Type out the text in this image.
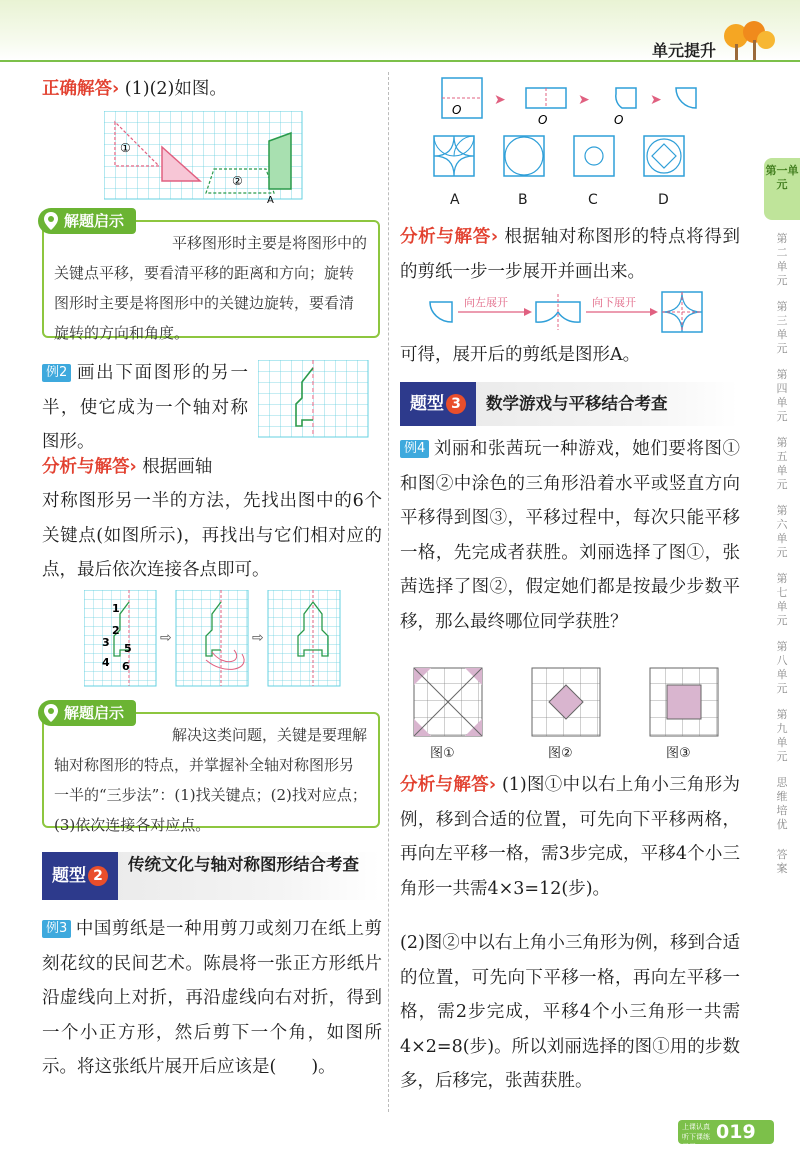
单元提升
正确解答› (1)(2)如图。
①
②
A
解题启示
平移图形时主要是将图形中的关键点平移，要看清平移的距离和方向；旋转图形时主要是将图形中的关键边旋转，要看清旋转的方向和角度。
例2 画出下面图形的另一半，使它成为一个轴对称图形。
分析与解答› 根据画轴
对称图形另一半的方法，先找出图中的6个关键点(如图所示)，再找出与它们相对应的点，最后依次连接各点即可。
1
2
3 5
4 6
⇨	⇨
解题启示
解决这类问题，关键是要理解轴对称图形的特点，并掌握补全轴对称图形另一半的“三步法”：(1)找关键点；(2)找对应点；(3)依次连接各对应点。
题型 2
传统文化与轴对称图形结合考查
例3 中国剪纸是一种用剪刀或刻刀在纸上剪刻花纹的民间艺术。陈晨将一张正方形纸片沿虚线向上对折，再沿虚线向右对折，得到一个小正方形，然后剪下一个角，如图所示。将这张纸片展开后应该是(　　)。
➤	➤	➤
O
O	O
A	B	C	D
分析与解答› 根据轴对称图形的特点将得到的剪纸一步一步展开并画出来。
向左展开	向下展开
可得，展开后的剪纸是图形A。
题型 3	数学游戏与平移结合考查
例4 刘丽和张茜玩一种游戏，她们要将图①和图②中涂色的三角形沿着水平或竖直方向平移得到图③，平移过程中，每次只能平移一格，先完成者获胜。刘丽选择了图①，张茜选择了图②，假定她们都是按最少步数平移，那么最终哪位同学获胜？
图①	图②	图③
分析与解答› (1)图①中以右上角小三角形为例，移到合适的位置，可先向下平移两格，再向左平移一格，需3步完成，平移4个小三角形一共需4×3=12(步)。
(2)图②中以右上角小三角形为例，移到合适的位置，可先向下平移一格，再向左平移一格，需2步完成，平移4个小三角形一共需4×2=8(步)。所以刘丽选择的图①用的步数多，后移完，张茜获胜。
第一单元
第二单元
第三单元
第四单元
第五单元
第六单元
第七单元
第八单元
第九单元
思维培优
答案
上课认真听下课练天天
019
